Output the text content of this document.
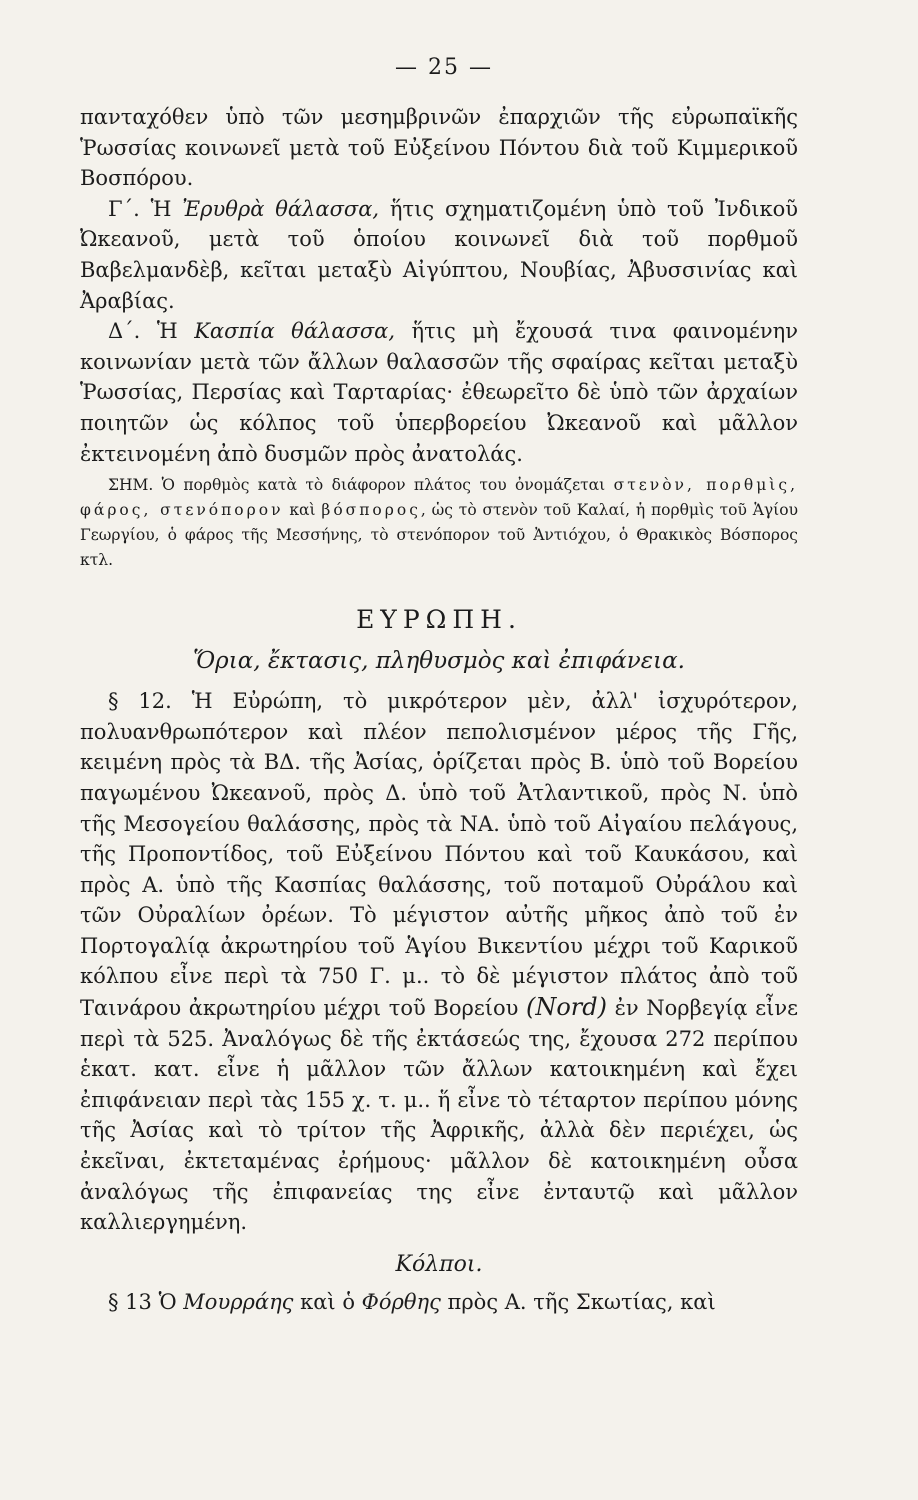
— 25 —

πανταχόθεν ὑπὸ τῶν μεσημβρινῶν ἐπαρχιῶν τῆς εὐρωπαϊκῆς Ῥωσσίας κοινωνεῖ μετὰ τοῦ Εὐξείνου Πόντου διὰ τοῦ Κιμμερικοῦ Βοσπόρου.

Γ΄. Ἡ Ἐρυθρὰ θάλασσα, ἥτις σχηματιζομένη ὑπὸ τοῦ Ἰνδικοῦ Ὠκεανοῦ, μετὰ τοῦ ὁποίου κοινωνεῖ διὰ τοῦ πορθμοῦ Βαβελμανδὲβ, κεῖται μεταξὺ Αἰγύπτου, Νουβίας, Ἀβυσσινίας καὶ Ἀραβίας.

Δ΄. Ἡ Κασπία θάλασσα, ἥτις μὴ ἔχουσά τινα φαινομένην κοινωνίαν μετὰ τῶν ἄλλων θαλασσῶν τῆς σφαίρας κεῖται μεταξὺ Ῥωσσίας, Περσίας καὶ Ταρταρίας· ἐθεωρεῖτο δὲ ὑπὸ τῶν ἀρχαίων ποιητῶν ὡς κόλπος τοῦ ὑπερβορείου Ὠκεανοῦ καὶ μᾶλλον ἐκτεινομένη ἀπὸ δυσμῶν πρὸς ἀνατολάς.

ΣΗΜ. Ὁ πορθμὸς κατὰ τὸ διάφορον πλάτος του ὀνομάζεται στενὸν, πορθμὶς, φάρος, στενόπορον καὶ βόσπορος, ὡς τὸ στενὸν τοῦ Καλαί, ἡ πορθμὶς τοῦ Ἁγίου Γεωργίου, ὁ φάρος τῆς Μεσσήνης, τὸ στενόπορον τοῦ Ἀντιόχου, ὁ Θρακικὸς Βόσπορος κτλ.

ΕΥΡΩΠΗ.
Ὅρια, ἔκτασις, πληθυσμὸς καὶ ἐπιφάνεια.

§ 12. Ἡ Εὐρώπη, τὸ μικρότερον μὲν, ἀλλ' ἰσχυρότερον, πολυανθρωπότερον καὶ πλέον πεπολισμένον μέρος τῆς Γῆς, κειμένη πρὸς τὰ ΒΔ. τῆς Ἀσίας, ὁρίζεται πρὸς Β. ὑπὸ τοῦ Βορείου παγωμένου Ὠκεανοῦ, πρὸς Δ. ὑπὸ τοῦ Ἀτλαντικοῦ, πρὸς Ν. ὑπὸ τῆς Μεσογείου θαλάσσης, πρὸς τὰ ΝΑ. ὑπὸ τοῦ Αἰγαίου πελάγους, τῆς Προποντίδος, τοῦ Εὐξείνου Πόντου καὶ τοῦ Καυκάσου, καὶ πρὸς Α. ὑπὸ τῆς Κασπίας θαλάσσης, τοῦ ποταμοῦ Οὐράλου καὶ τῶν Οὐραλίων ὀρέων. Τὸ μέγιστον αὐτῆς μῆκος ἀπὸ τοῦ ἐν Πορτογαλίᾳ ἀκρωτηρίου τοῦ Ἁγίου Βικεντίου μέχρι τοῦ Καρικοῦ κόλπου εἶνε περὶ τὰ 750 Γ. μ.. τὸ δὲ μέγιστον πλάτος ἀπὸ τοῦ Ταινάρου ἀκρωτηρίου μέχρι τοῦ Βορείου (Nord) ἐν Νορβεγίᾳ εἶνε περὶ τὰ 525. Ἀναλόγως δὲ τῆς ἐκτάσεώς της, ἔχουσα 272 περίπου ἑκατ. κατ. εἶνε ἡ μᾶλλον τῶν ἄλλων κατοικημένη καὶ ἔχει ἐπιφάνειαν περὶ τὰς 155 χ. τ. μ.. ἥ εἶνε τὸ τέταρτον περίπου μόνης τῆς Ἀσίας καὶ τὸ τρίτον τῆς Ἀφρικῆς, ἀλλὰ δὲν περιέχει, ὡς ἐκεῖναι, ἐκτεταμένας ἐρήμους· μᾶλλον δὲ κατοικημένη οὖσα ἀναλόγως τῆς ἐπιφανείας της εἶνε ἐνταυτῷ καὶ μᾶλλον καλλιεργημένη.

Κόλποι.

§ 13 Ὁ Μουρράης καὶ ὁ Φόρθης πρὸς Α. τῆς Σκωτίας, καὶ
